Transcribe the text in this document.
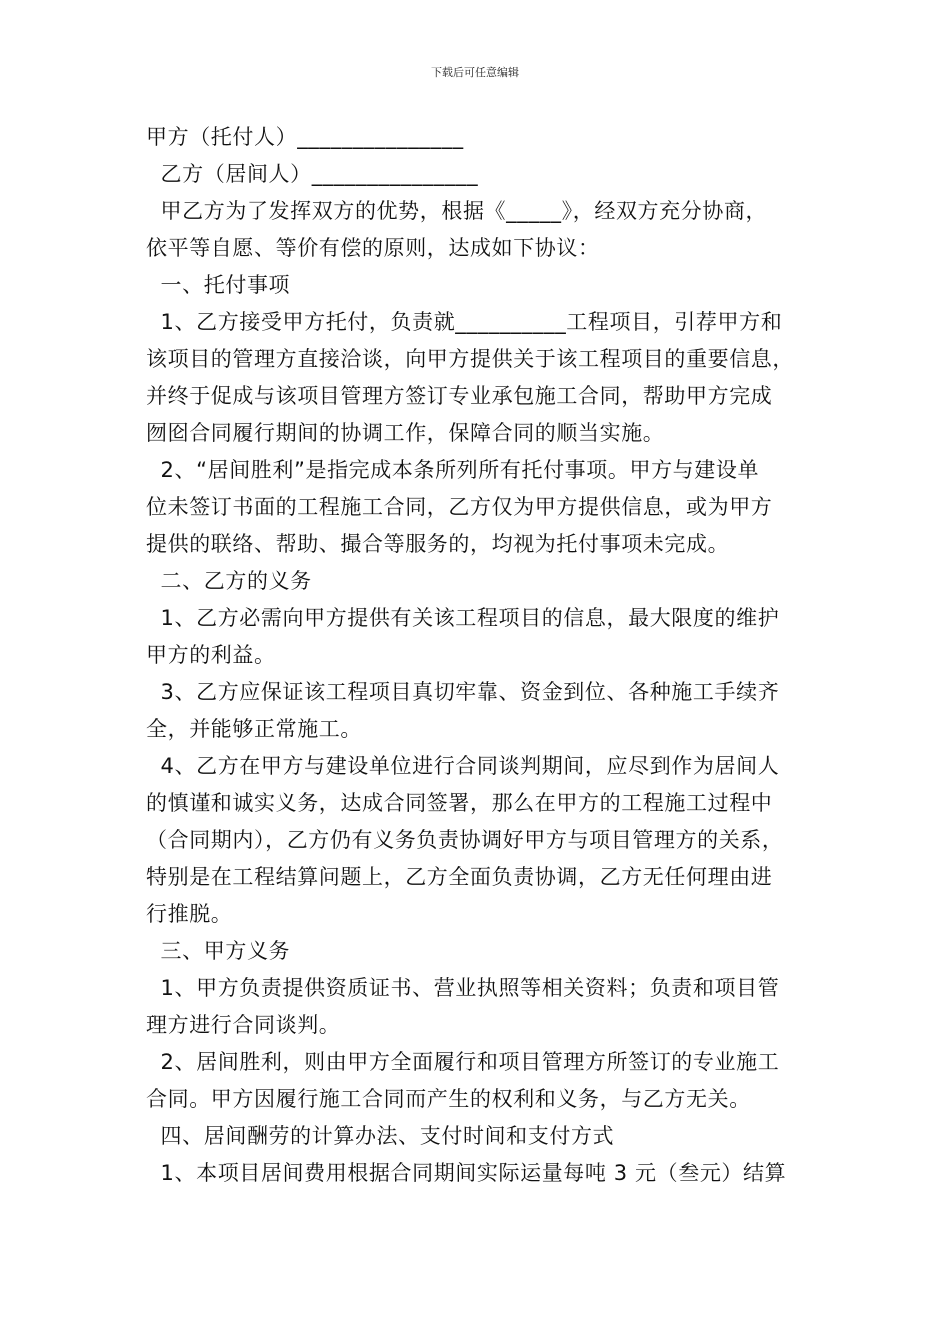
下载后可任意编辑
甲方（托付人）_______________
乙方（居间人）_______________
甲乙方为了发挥双方的优势，根据《_____》，经双方充分协商，
依平等自愿、等价有偿的原则，达成如下协议：
一、托付事项
1、乙方接受甲方托付，负责就__________工程项目，引荐甲方和
该项目的管理方直接洽谈，向甲方提供关于该工程项目的重要信息，
并终于促成与该项目管理方签订专业承包施工合同，帮助甲方完成
囫囵合同履行期间的协调工作，保障合同的顺当实施。
2、“居间胜利”是指完成本条所列所有托付事项。甲方与建设单
位未签订书面的工程施工合同，乙方仅为甲方提供信息，或为甲方
提供的联络、帮助、撮合等服务的，均视为托付事项未完成。
二、乙方的义务
1、乙方必需向甲方提供有关该工程项目的信息，最大限度的维护
甲方的利益。
3、乙方应保证该工程项目真切牢靠、资金到位、各种施工手续齐
全，并能够正常施工。
4、乙方在甲方与建设单位进行合同谈判期间，应尽到作为居间人
的慎谨和诚实义务，达成合同签署，那么在甲方的工程施工过程中
（合同期内），乙方仍有义务负责协调好甲方与项目管理方的关系，
特别是在工程结算问题上，乙方全面负责协调，乙方无任何理由进
行推脱。
三、甲方义务
1、甲方负责提供资质证书、营业执照等相关资料；负责和项目管
理方进行合同谈判。
2、居间胜利，则由甲方全面履行和项目管理方所签订的专业施工
合同。甲方因履行施工合同而产生的权利和义务，与乙方无关。
四、居间酬劳的计算办法、支付时间和支付方式
1、本项目居间费用根据合同期间实际运量每吨 3 元（叁元）结算
